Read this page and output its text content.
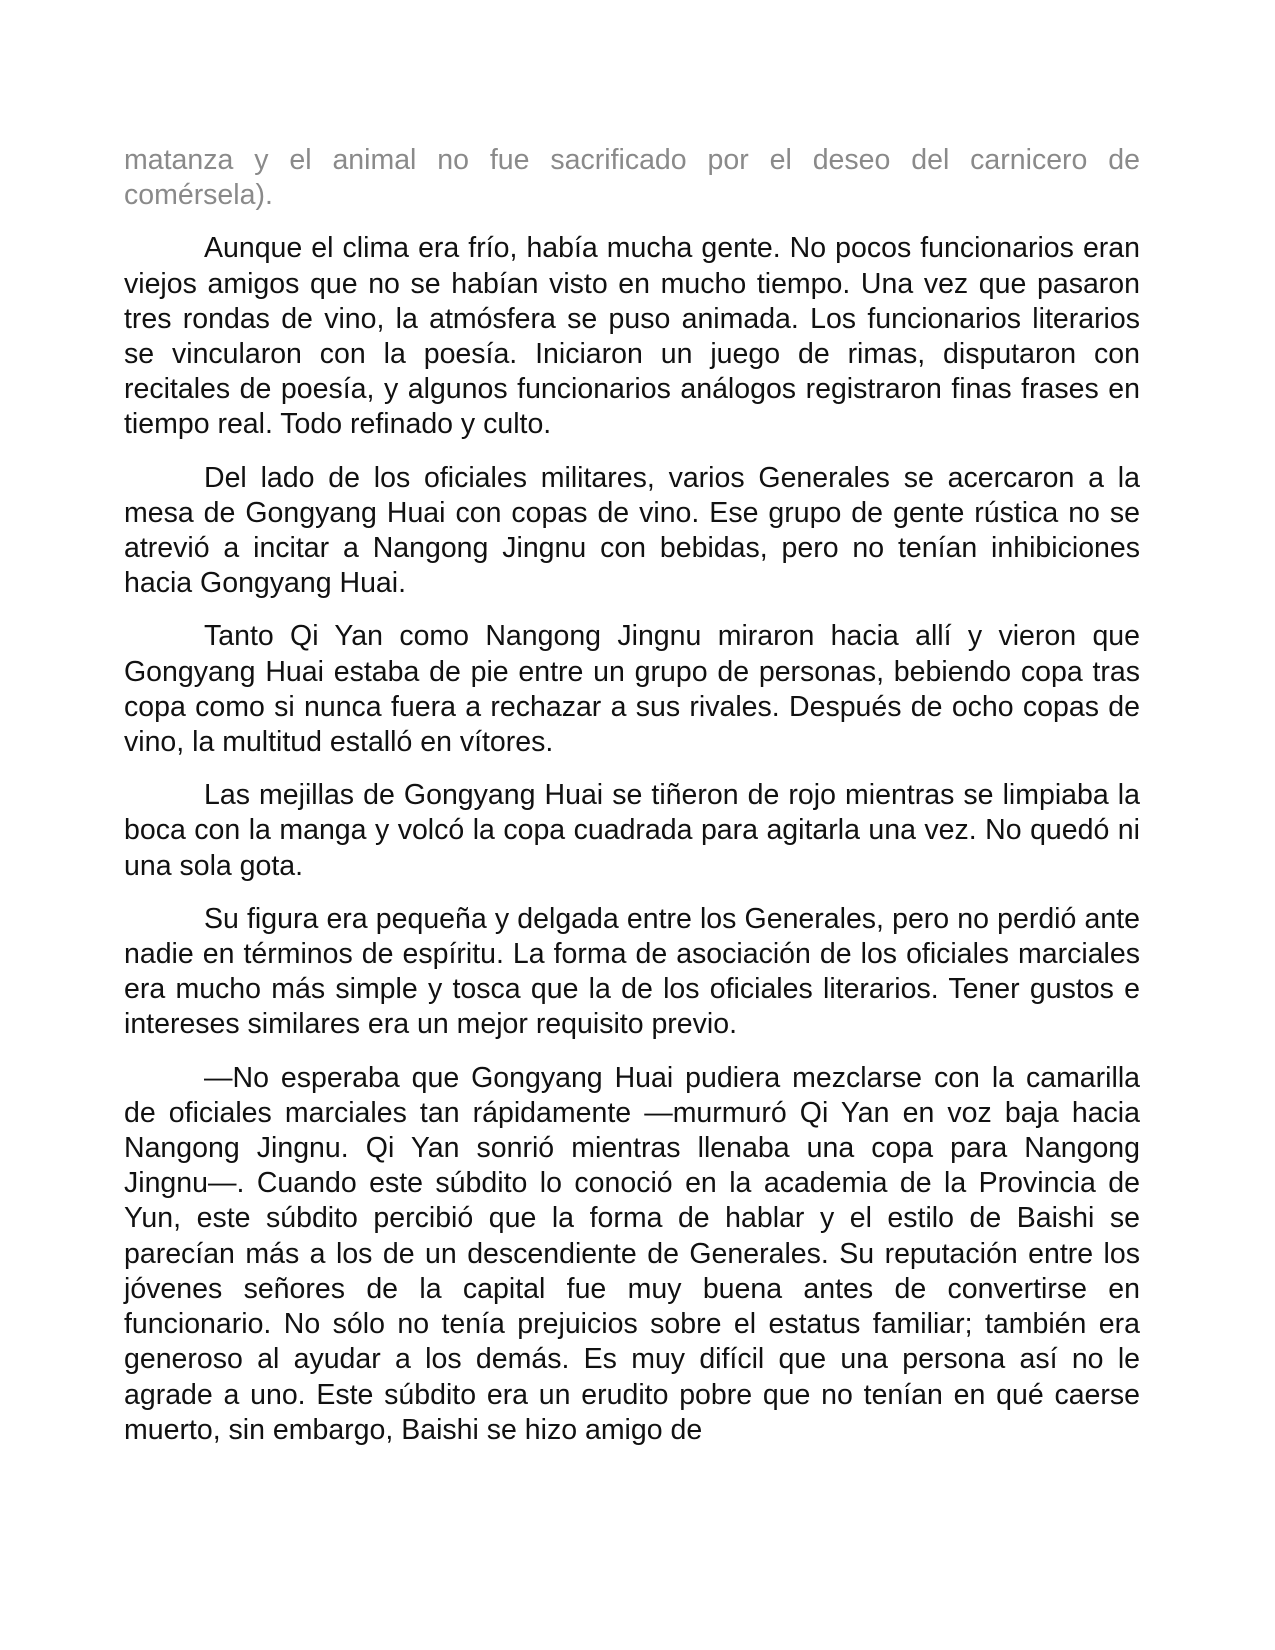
matanza y el animal no fue sacrificado por el deseo del carnicero de comérsela).

Aunque el clima era frío, había mucha gente. No pocos funcionarios eran viejos amigos que no se habían visto en mucho tiempo. Una vez que pasaron tres rondas de vino, la atmósfera se puso animada. Los funcionarios literarios se vincularon con la poesía. Iniciaron un juego de rimas, disputaron con recitales de poesía, y algunos funcionarios análogos registraron finas frases en tiempo real. Todo refinado y culto.

Del lado de los oficiales militares, varios Generales se acercaron a la mesa de Gongyang Huai con copas de vino. Ese grupo de gente rústica no se atrevió a incitar a Nangong Jingnu con bebidas, pero no tenían inhibiciones hacia Gongyang Huai.

Tanto Qi Yan como Nangong Jingnu miraron hacia allí y vieron que Gongyang Huai estaba de pie entre un grupo de personas, bebiendo copa tras copa como si nunca fuera a rechazar a sus rivales. Después de ocho copas de vino, la multitud estalló en vítores.

Las mejillas de Gongyang Huai se tiñeron de rojo mientras se limpiaba la boca con la manga y volcó la copa cuadrada para agitarla una vez. No quedó ni una sola gota.

Su figura era pequeña y delgada entre los Generales, pero no perdió ante nadie en términos de espíritu. La forma de asociación de los oficiales marciales era mucho más simple y tosca que la de los oficiales literarios. Tener gustos e intereses similares era un mejor requisito previo.

—No esperaba que Gongyang Huai pudiera mezclarse con la camarilla de oficiales marciales tan rápidamente —murmuró Qi Yan en voz baja hacia Nangong Jingnu. Qi Yan sonrió mientras llenaba una copa para Nangong Jingnu—. Cuando este súbdito lo conoció en la academia de la Provincia de Yun, este súbdito percibió que la forma de hablar y el estilo de Baishi se parecían más a los de un descendiente de Generales. Su reputación entre los jóvenes señores de la capital fue muy buena antes de convertirse en funcionario. No sólo no tenía prejuicios sobre el estatus familiar; también era generoso al ayudar a los demás. Es muy difícil que una persona así no le agrade a uno. Este súbdito era un erudito pobre que no tenían en qué caerse muerto, sin embargo, Baishi se hizo amigo de
